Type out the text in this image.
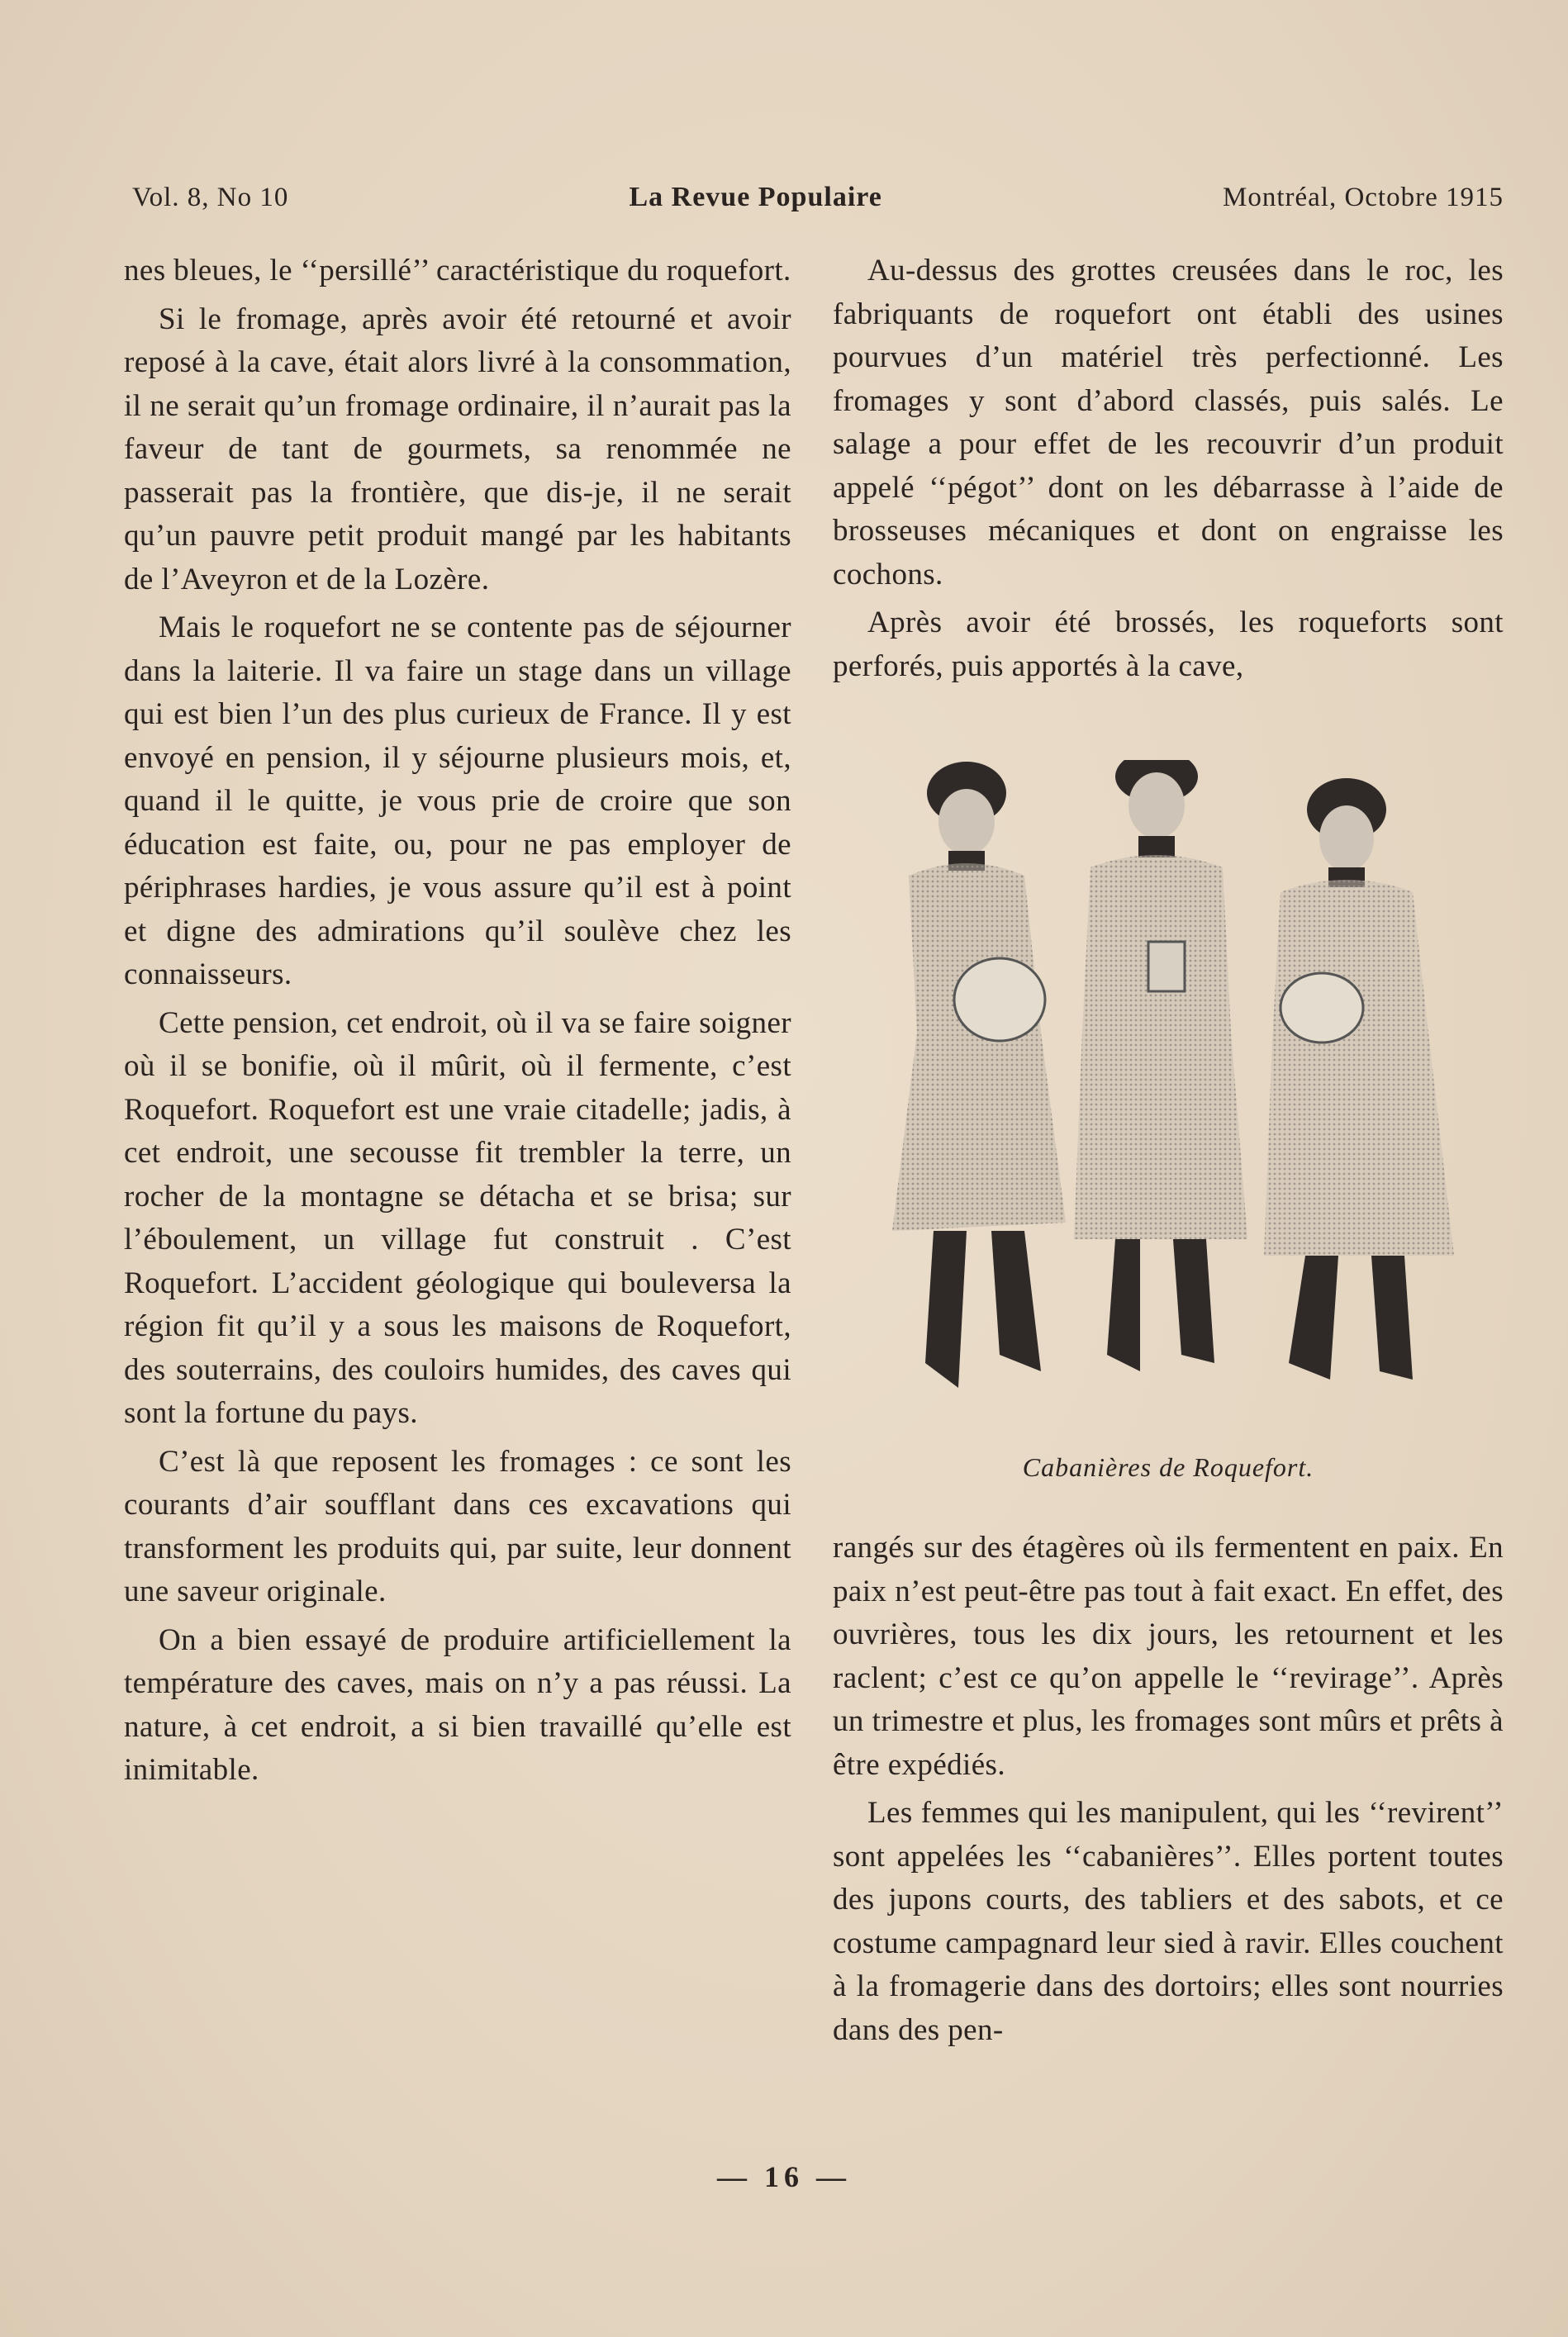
Vol. 8, No 10	La Revue Populaire	Montréal, Octobre 1915

nes bleues, le ‘‘persillé’’ caractéristique du roquefort.

Si le fromage, après avoir été retourné et avoir reposé à la cave, était alors livré à la consommation, il ne serait qu’un fromage ordinaire, il n’aurait pas la faveur de tant de gourmets, sa renommée ne passerait pas la frontière, que dis-je, il ne serait qu’un pauvre petit produit mangé par les habitants de l’Aveyron et de la Lozère.

Mais le roquefort ne se contente pas de séjourner dans la laiterie. Il va faire un stage dans un village qui est bien l’un des plus curieux de France. Il y est envoyé en pension, il y séjourne plusieurs mois, et, quand il le quitte, je vous prie de croire que son éducation est faite, ou, pour ne pas employer de périphrases hardies, je vous assure qu’il est à point et digne des admirations qu’il soulève chez les connaisseurs.

Cette pension, cet endroit, où il va se faire soigner où il se bonifie, où il mûrit, où il fermente, c’est Roquefort. Roquefort est une vraie citadelle; jadis, à cet endroit, une secousse fit trembler la terre, un rocher de la montagne se détacha et se brisa; sur l’éboulement, un village fut construit . C’est Roquefort. L’accident géologique qui bouleversa la région fit qu’il y a sous les maisons de Roquefort, des souterrains, des couloirs humides, des caves qui sont la fortune du pays.

C’est là que reposent les fromages : ce sont les courants d’air soufflant dans ces excavations qui transforment les produits qui, par suite, leur donnent une saveur originale.

On a bien essayé de produire artificiellement la température des caves, mais on n’y a pas réussi. La nature, à cet endroit, a si bien travaillé qu’elle est inimitable.

Au-dessus des grottes creusées dans le roc, les fabriquants de roquefort ont établi des usines pourvues d’un matériel très perfectionné. Les fromages y sont d’abord classés, puis salés. Le salage a pour effet de les recouvrir d’un produit appelé ‘‘pégot’’ dont on les débarrasse à l’aide de brosseuses mécaniques et dont on engraisse les cochons.

Après avoir été brossés, les roqueforts sont perforés, puis apportés à la cave,

Cabanières de Roquefort.

rangés sur des étagères où ils fermentent en paix. En paix n’est peut-être pas tout à fait exact. En effet, des ouvrières, tous les dix jours, les retournent et les raclent; c’est ce qu’on appelle le ‘‘revirage’’. Après un trimestre et plus, les fromages sont mûrs et prêts à être expédiés.

Les femmes qui les manipulent, qui les ‘‘revirent’’ sont appelées les ‘‘cabanières’’. Elles portent toutes des jupons courts, des tabliers et des sabots, et ce costume campagnard leur sied à ravir. Elles couchent à la fromagerie dans des dortoirs; elles sont nourries dans des pen-

— 16 —
